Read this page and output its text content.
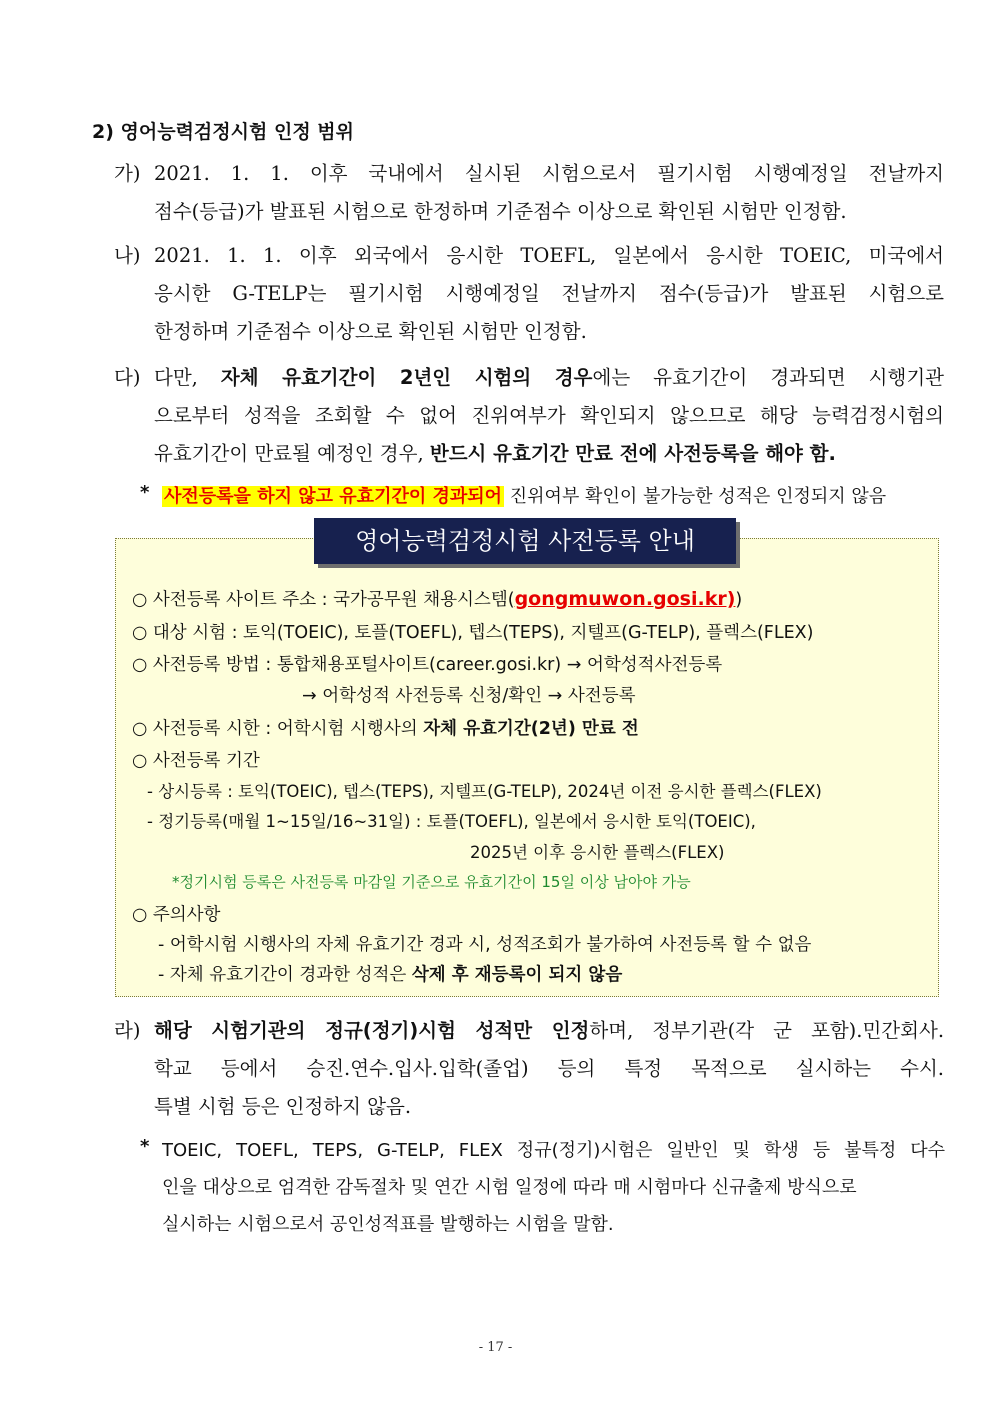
2) 영어능력검정시험 인정 범위
가) 2021. 1. 1. 이후 국내에서 실시된 시험으로서 필기시험 시행예정일 전날까지
점수(등급)가 발표된 시험으로 한정하며 기준점수 이상으로 확인된 시험만 인정함.
나) 2021. 1. 1. 이후 외국에서 응시한 TOEFL, 일본에서 응시한 TOEIC, 미국에서
응시한 G-TELP는 필기시험 시행예정일 전날까지 점수(등급)가 발표된 시험으로
한정하며 기준점수 이상으로 확인된 시험만 인정함.
다) 다만, 자체 유효기간이 2년인 시험의 경우에는 유효기간이 경과되면 시행기관
으로부터 성적을 조회할 수 없어 진위여부가 확인되지 않으므로 해당 능력검정시험의
유효기간이 만료될 예정인 경우, 반드시 유효기간 만료 전에 사전등록을 해야 함.
* 사전등록을 하지 않고 유효기간이 경과되어 진위여부 확인이 불가능한 성적은 인정되지 않음
영어능력검정시험 사전등록 안내
○ 사전등록 사이트 주소 : 국가공무원 채용시스템(gongmuwon.gosi.kr))
○ 대상 시험 : 토익(TOEIC), 토플(TOEFL), 텝스(TEPS), 지텔프(G-TELP), 플렉스(FLEX)
○ 사전등록 방법 : 통합채용포털사이트(career.gosi.kr) → 어학성적사전등록
→ 어학성적 사전등록 신청/확인 → 사전등록
○ 사전등록 시한 : 어학시험 시행사의 자체 유효기간(2년) 만료 전
○ 사전등록 기간
- 상시등록 : 토익(TOEIC), 텝스(TEPS), 지텔프(G-TELP), 2024년 이전 응시한 플렉스(FLEX)
- 정기등록(매월 1~15일/16~31일) : 토플(TOEFL), 일본에서 응시한 토익(TOEIC),
2025년 이후 응시한 플렉스(FLEX)
*정기시험 등록은 사전등록 마감일 기준으로 유효기간이 15일 이상 남아야 가능
○ 주의사항
- 어학시험 시행사의 자체 유효기간 경과 시, 성적조회가 불가하여 사전등록 할 수 없음
- 자체 유효기간이 경과한 성적은 삭제 후 재등록이 되지 않음
라) 해당 시험기관의 정규(정기)시험 성적만 인정하며, 정부기관(각 군 포함).민간회사.
학교 등에서 승진.연수.입사.입학(졸업) 등의 특정 목적으로 실시하는 수시.
특별 시험 등은 인정하지 않음.
* TOEIC, TOEFL, TEPS, G-TELP, FLEX 정규(정기)시험은 일반인 및 학생 등 불특정 다수
인을 대상으로 엄격한 감독절차 및 연간 시험 일정에 따라 매 시험마다 신규출제 방식으로
실시하는 시험으로서 공인성적표를 발행하는 시험을 말함.
- 17 -
